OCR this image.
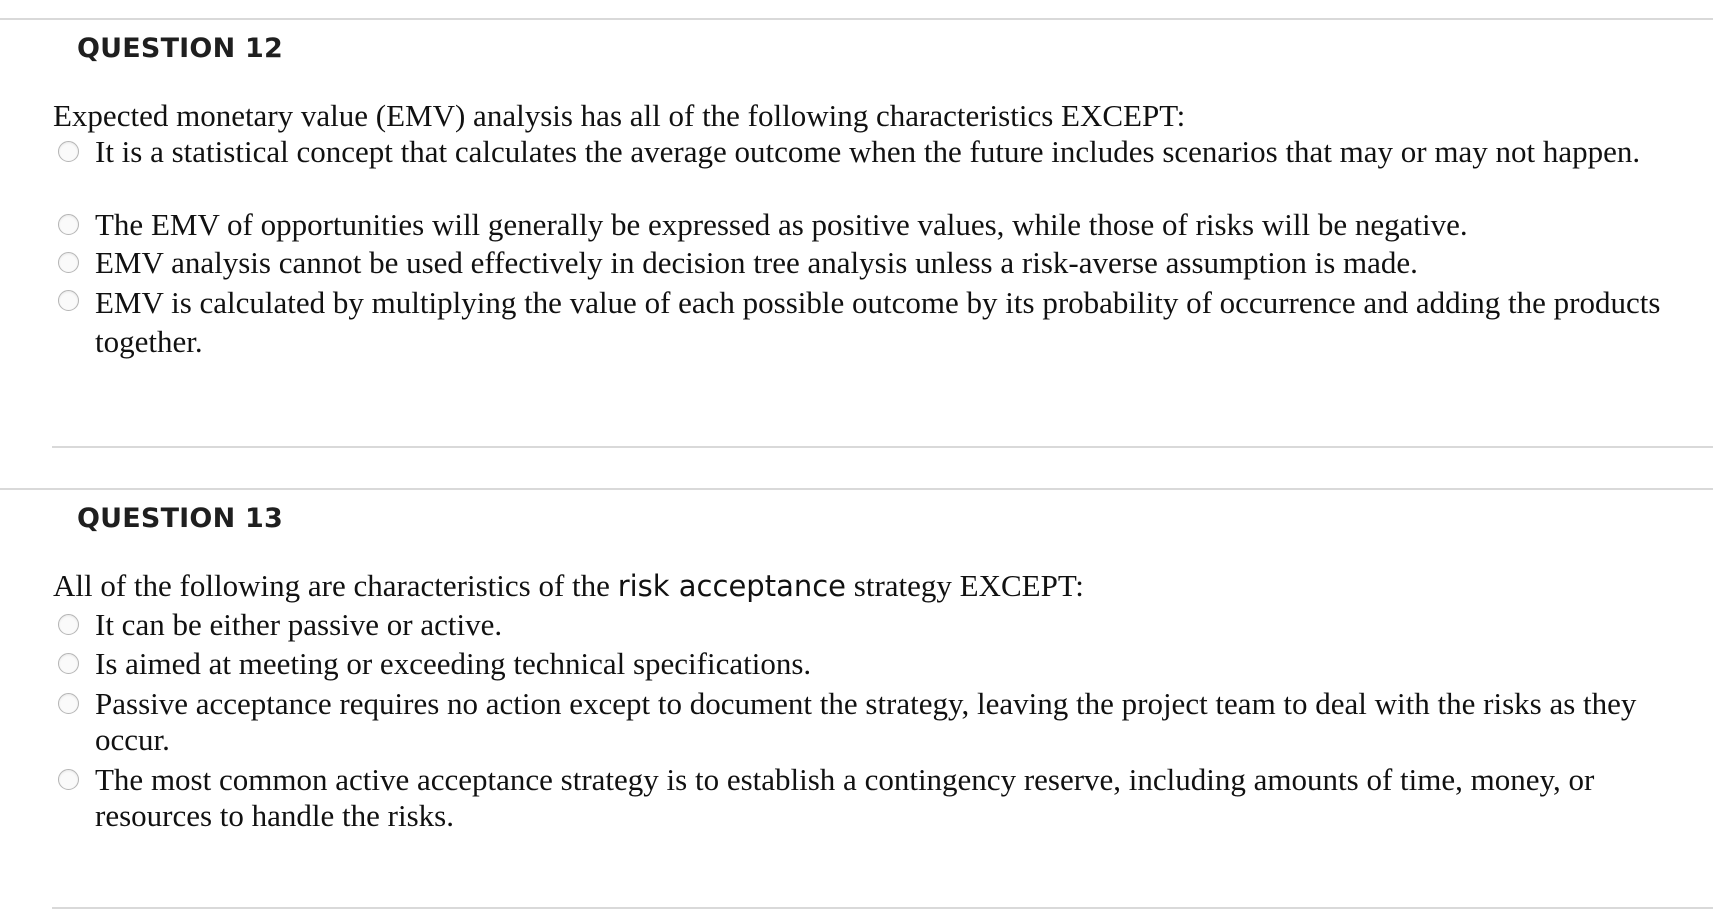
QUESTION 12
Expected monetary value (EMV) analysis has all of the following characteristics EXCEPT:
It is a statistical concept that calculates the average outcome when the future includes scenarios that may or may not happen.
The EMV of opportunities will generally be expressed as positive values, while those of risks will be negative.
EMV analysis cannot be used effectively in decision tree analysis unless a risk-averse assumption is made.
EMV is calculated by multiplying the value of each possible outcome by its probability of occurrence and adding the products together.
QUESTION 13
All of the following are characteristics of the risk acceptance strategy EXCEPT:
It can be either passive or active.
Is aimed at meeting or exceeding technical specifications.
Passive acceptance requires no action except to document the strategy, leaving the project team to deal with the risks as they occur.
The most common active acceptance strategy is to establish a contingency reserve, including amounts of time, money, or resources to handle the risks.
